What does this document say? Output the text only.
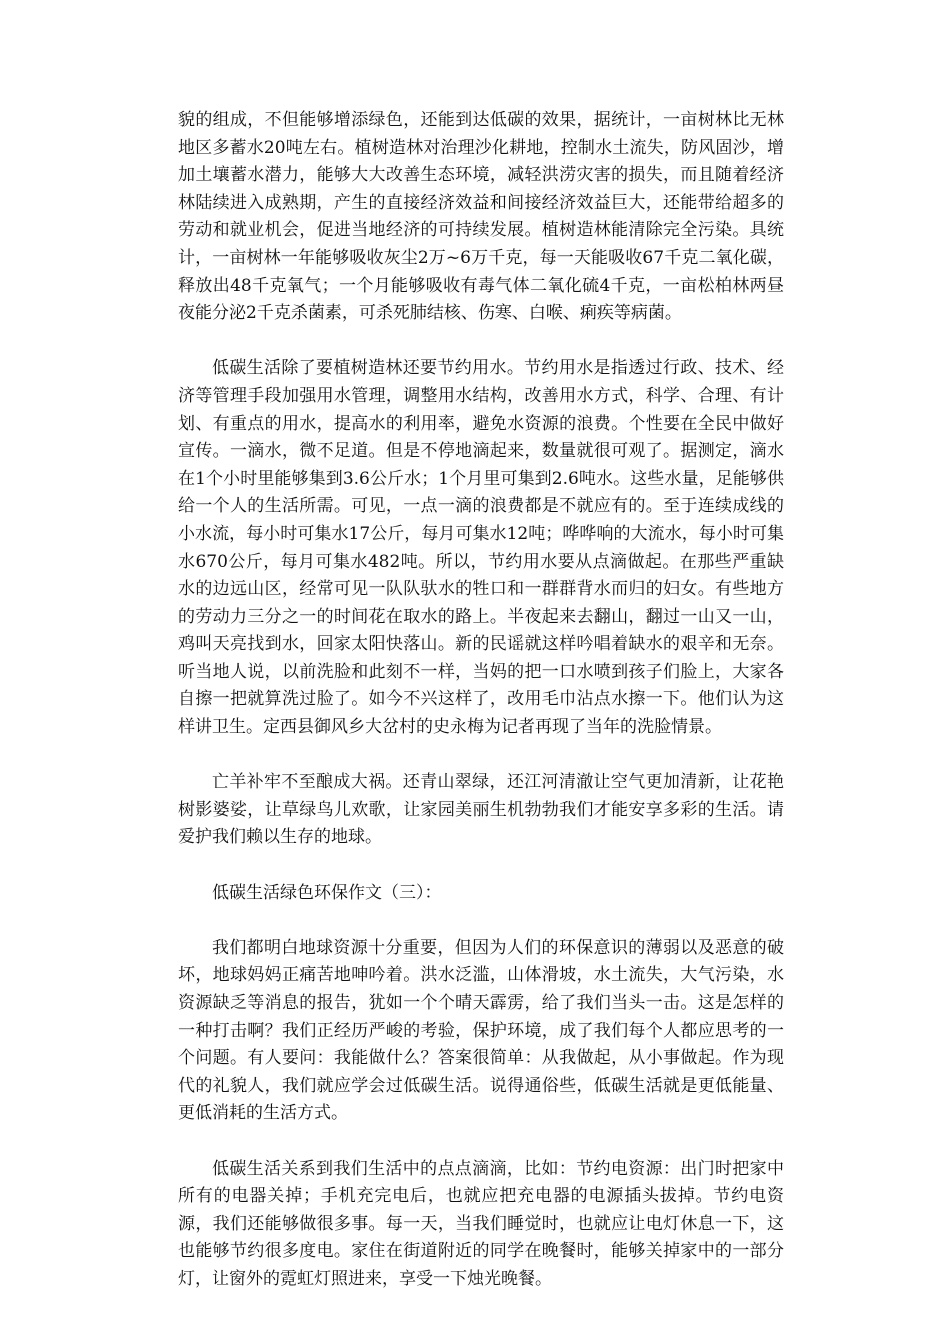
貌的组成，不但能够增添绿色，还能到达低碳的效果，据统计，一亩树林比无林地区多蓄水20吨左右。植树造林对治理沙化耕地，控制水土流失，防风固沙，增加土壤蓄水潜力，能够大大改善生态环境，减轻洪涝灾害的损失，而且随着经济林陆续进入成熟期，产生的直接经济效益和间接经济效益巨大，还能带给超多的劳动和就业机会，促进当地经济的可持续发展。植树造林能清除完全污染。具统计，一亩树林一年能够吸收灰尘2万~6万千克，每一天能吸收67千克二氧化碳，释放出48千克氧气；一个月能够吸收有毒气体二氧化硫4千克，一亩松柏林两昼夜能分泌2千克杀菌素，可杀死肺结核、伤寒、白喉、痢疾等病菌。

低碳生活除了要植树造林还要节约用水。节约用水是指透过行政、技术、经济等管理手段加强用水管理，调整用水结构，改善用水方式，科学、合理、有计划、有重点的用水，提高水的利用率，避免水资源的浪费。个性要在全民中做好宣传。一滴水，微不足道。但是不停地滴起来，数量就很可观了。据测定，滴水在1个小时里能够集到3.6公斤水；1个月里可集到2.6吨水。这些水量，足能够供给一个人的生活所需。可见，一点一滴的浪费都是不就应有的。至于连续成线的小水流，每小时可集水17公斤，每月可集水12吨；哗哗响的大流水，每小时可集水670公斤，每月可集水482吨。所以，节约用水要从点滴做起。在那些严重缺水的边远山区，经常可见一队队驮水的牲口和一群群背水而归的妇女。有些地方的劳动力三分之一的时间花在取水的路上。半夜起来去翻山，翻过一山又一山，鸡叫天亮找到水，回家太阳快落山。新的民谣就这样吟唱着缺水的艰辛和无奈。听当地人说，以前洗脸和此刻不一样，当妈的把一口水喷到孩子们脸上，大家各自擦一把就算洗过脸了。如今不兴这样了，改用毛巾沾点水擦一下。他们认为这样讲卫生。定西县御风乡大岔村的史永梅为记者再现了当年的洗脸情景。

亡羊补牢不至酿成大祸。还青山翠绿，还江河清澈让空气更加清新，让花艳树影婆娑，让草绿鸟儿欢歌，让家园美丽生机勃勃我们才能安享多彩的生活。请爱护我们赖以生存的地球。

低碳生活绿色环保作文（三）：

我们都明白地球资源十分重要，但因为人们的环保意识的薄弱以及恶意的破坏，地球妈妈正痛苦地呻吟着。洪水泛滥，山体滑坡，水土流失，大气污染，水资源缺乏等消息的报告，犹如一个个晴天霹雳，给了我们当头一击。这是怎样的一种打击啊？我们正经历严峻的考验，保护环境，成了我们每个人都应思考的一个问题。有人要问：我能做什么？答案很简单：从我做起，从小事做起。作为现代的礼貌人，我们就应学会过低碳生活。说得通俗些，低碳生活就是更低能量、更低消耗的生活方式。

低碳生活关系到我们生活中的点点滴滴，比如：节约电资源：出门时把家中所有的电器关掉；手机充完电后，也就应把充电器的电源插头拔掉。节约电资源，我们还能够做很多事。每一天，当我们睡觉时，也就应让电灯休息一下，这也能够节约很多度电。家住在街道附近的同学在晚餐时，能够关掉家中的一部分灯，让窗外的霓虹灯照进来，享受一下烛光晚餐。
